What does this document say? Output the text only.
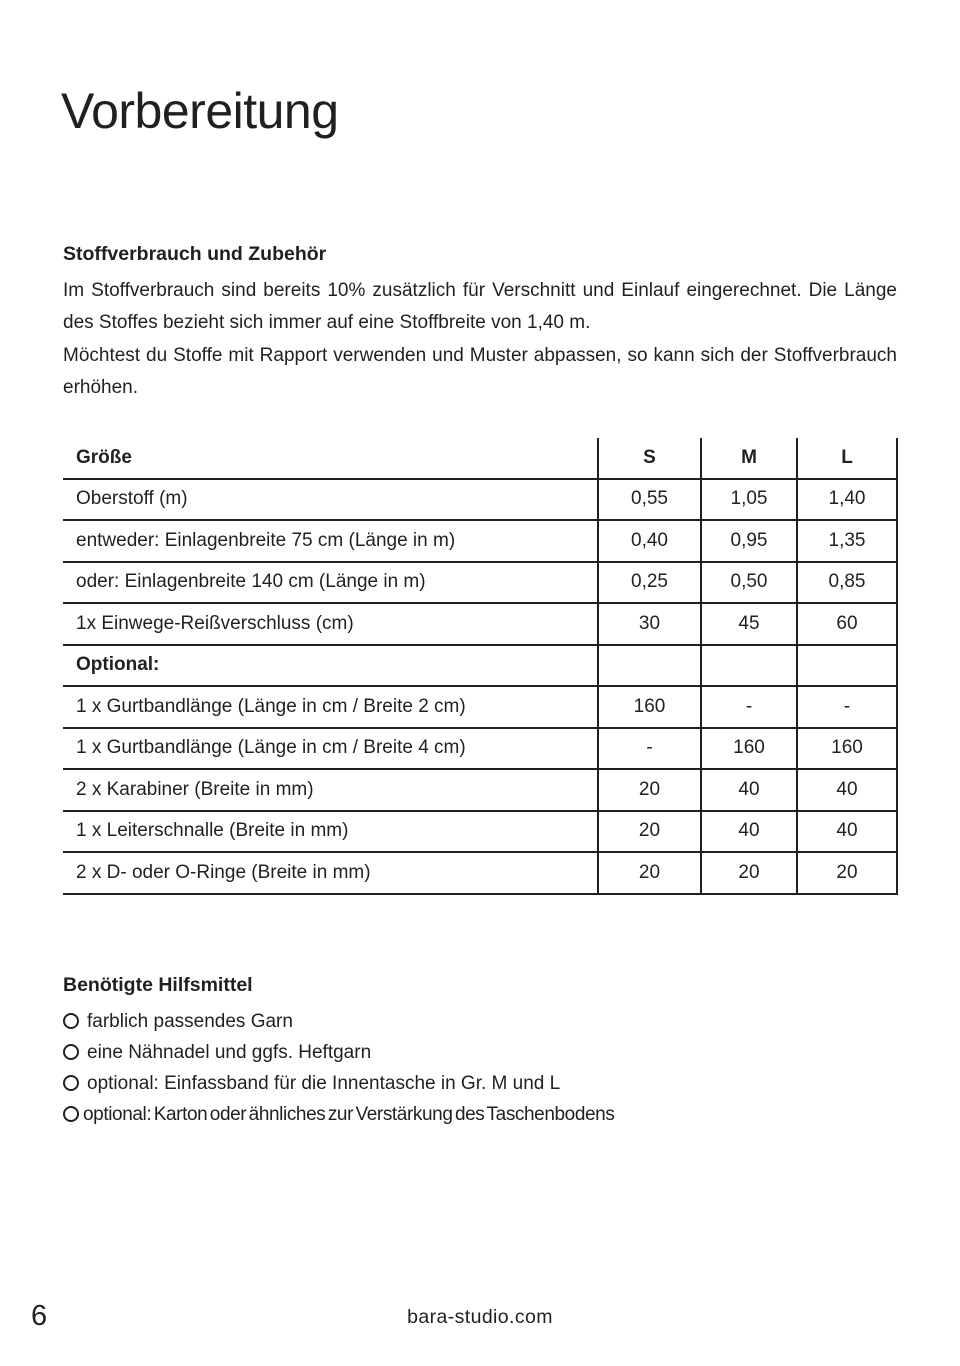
Vorbereitung
Stoffverbrauch und Zubehör

Im Stoffverbrauch sind bereits 10% zusätzlich für Verschnitt und Einlauf eingerechnet. Die Länge des Stoffes bezieht sich immer auf eine Stoffbreite von 1,40 m.

Möchtest du Stoffe mit Rapport verwenden und Muster abpassen, so kann sich der Stoffverbrauch erhöhen.

Größe	S	M	L
Oberstoff (m)	0,55	1,05	1,40
entweder: Einlagenbreite 75 cm (Länge in m)	0,40	0,95	1,35
oder: Einlagenbreite 140 cm (Länge in m)	0,25	0,50	0,85
1x Einwege-Reißverschluss (cm)	30	45	60
Optional:			
1 x Gurtbandlänge (Länge in cm / Breite 2 cm)	160	-	-
1 x Gurtbandlänge (Länge in cm / Breite 4 cm)	-	160	160
2 x Karabiner (Breite in mm)	20	40	40
1 x Leiterschnalle (Breite in mm)	20	40	40
2 x D- oder O-Ringe (Breite in mm)	20	20	20
Benötigte Hilfsmittel
farblich passendes Garn
eine Nähnadel und ggfs. Heftgarn
optional: Einfassband für die Innentasche in Gr. M und L
optional: Karton oder ähnliches zur Verstärkung des Taschenbodens
6	bara-studio.com
